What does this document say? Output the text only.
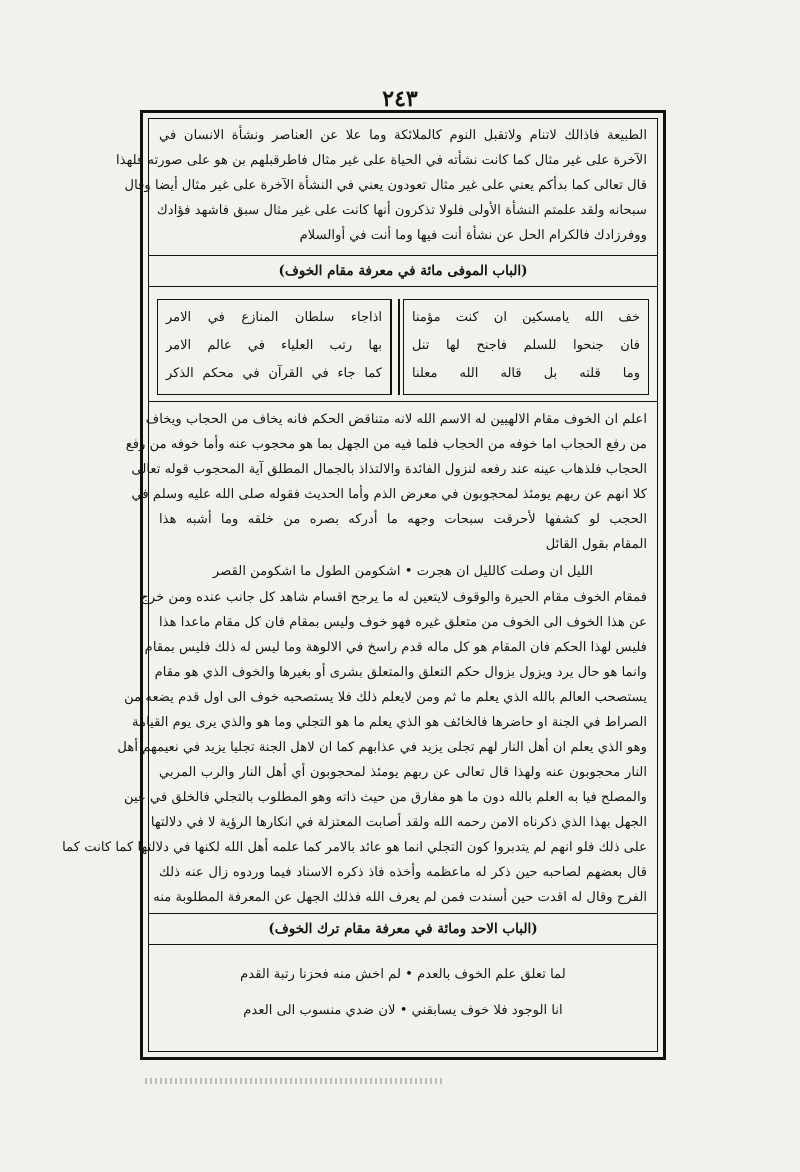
٢٤٣
الطبيعة فاذالك لاتنام ولاتقبل النوم كالملائكة وما علا عن العناصر ونشأة الانسان في
الآخرة على غير مثال كما كانت نشأته في الحياة على غير مثال فاطرقبلهم بن هو على صورته فلهذا
قال تعالى كما بدأكم يعني على غير مثال تعودون يعني في النشأة الآخرة على غير مثال أيضا وقال
سبحانه ولقد علمتم النشأة الأولى فلولا تذكرون أنها كانت على غير مثال سبق فاشهد فؤادك
ووفرزادك فالكرام الحل عن نشأة أنت فيها وما أنت في أوالسلام
(الباب الموفى مائة في معرفة مقام الخوف)
خف الله يامسكين ان كنت مؤمنا
فان جنحوا للسلم فاجنح لها تنل
وما قلته بل قاله الله معلنا
اذاجاء سلطان المنازع في الامر
بها رتب العلياء في عالم الامر
كما جاء في القرآن في محكم الذكر
اعلم ان الخوف مقام الالهيين له الاسم الله لانه متناقض الحكم فانه يخاف من الحجاب ويخاف
من رفع الحجاب اما خوفه من الحجاب فلما فيه من الجهل بما هو محجوب عنه وأما خوفه من رفع
الحجاب فلذهاب عينه عند رفعه لنزول الفائدة والالتذاذ بالجمال المطلق آية المحجوب قوله تعالى
كلا انهم عن ربهم يومئذ لمحجوبون في معرض الذم وأما الحديث فقوله صلى الله عليه وسلم في
الحجب لو كشفها لأحرقت سبحات وجهه ما أدركه بصره من خلقه وما أشبه هذا
المقام بقول القائل
الليل ان وصلت كالليل ان هجرت • اشكومن الطول ما اشكومن القصر
فمقام الخوف مقام الحيرة والوقوف لايتعين له ما يرجح اقسام شاهد كل جانب عنده ومن خرج
عن هذا الخوف الى الخوف من متعلق غيره فهو خوف وليس بمقام فان كل مقام ماعدا هذا
فليس لهذا الحكم فان المقام هو كل ماله قدم راسخ في الالوهة وما ليس له ذلك فليس بمقام
وانما هو حال يرد ويزول بزوال حكم التعلق والمتعلق بشرى أو بغيرها والخوف الذي هو مقام
يستصحب العالم بالله الذي يعلم ما ثم ومن لايعلم ذلك فلا يستصحبه خوف الى اول قدم يضعه من
الصراط في الجنة او حاضرها فالخائف هو الذي يعلم ما هو التجلي وما هو والذي يرى يوم القيامة
وهو الذي يعلم ان أهل النار لهم تجلى يزيد في عذابهم كما ان لاهل الجنة تجليا يزيد في نعيمهم أهل
النار محجوبون عنه ولهذا قال تعالى عن ربهم يومئذ لمحجوبون أي أهل النار والرب المربي
والمصلح فيا به العلم بالله دون ما هو مفارق من حيث ذاته وهو المطلوب بالتجلي فالخلق في عين
الجهل بهذا الذي ذكرناه الامن رحمه الله ولقد أصابت المعتزلة في انكارها الرؤية لا في دلالتها
على ذلك فلو انهم لم يتدبروا كون التجلي انما هو عائد بالامر كما علمه أهل الله لكنها في دلالتها كما كانت كما
قال بعضهم لصاحبه حين ذكر له ماعظمه وأخذه فاذ ذكره الاسناد فيما وردوه زال عنه ذلك
الفرح وقال له اقدت حين أسندت فمن لم يعرف الله فذلك الجهل عن المعرفة المطلوبة منه
(الباب الاحد ومائة في معرفة مقام ترك الخوف)
لما تعلق علم الخوف بالعدم • لم اخش منه فحزنا رتبة القدم
انا الوجود فلا خوف يسابقني • لان ضدي منسوب الى العدم
